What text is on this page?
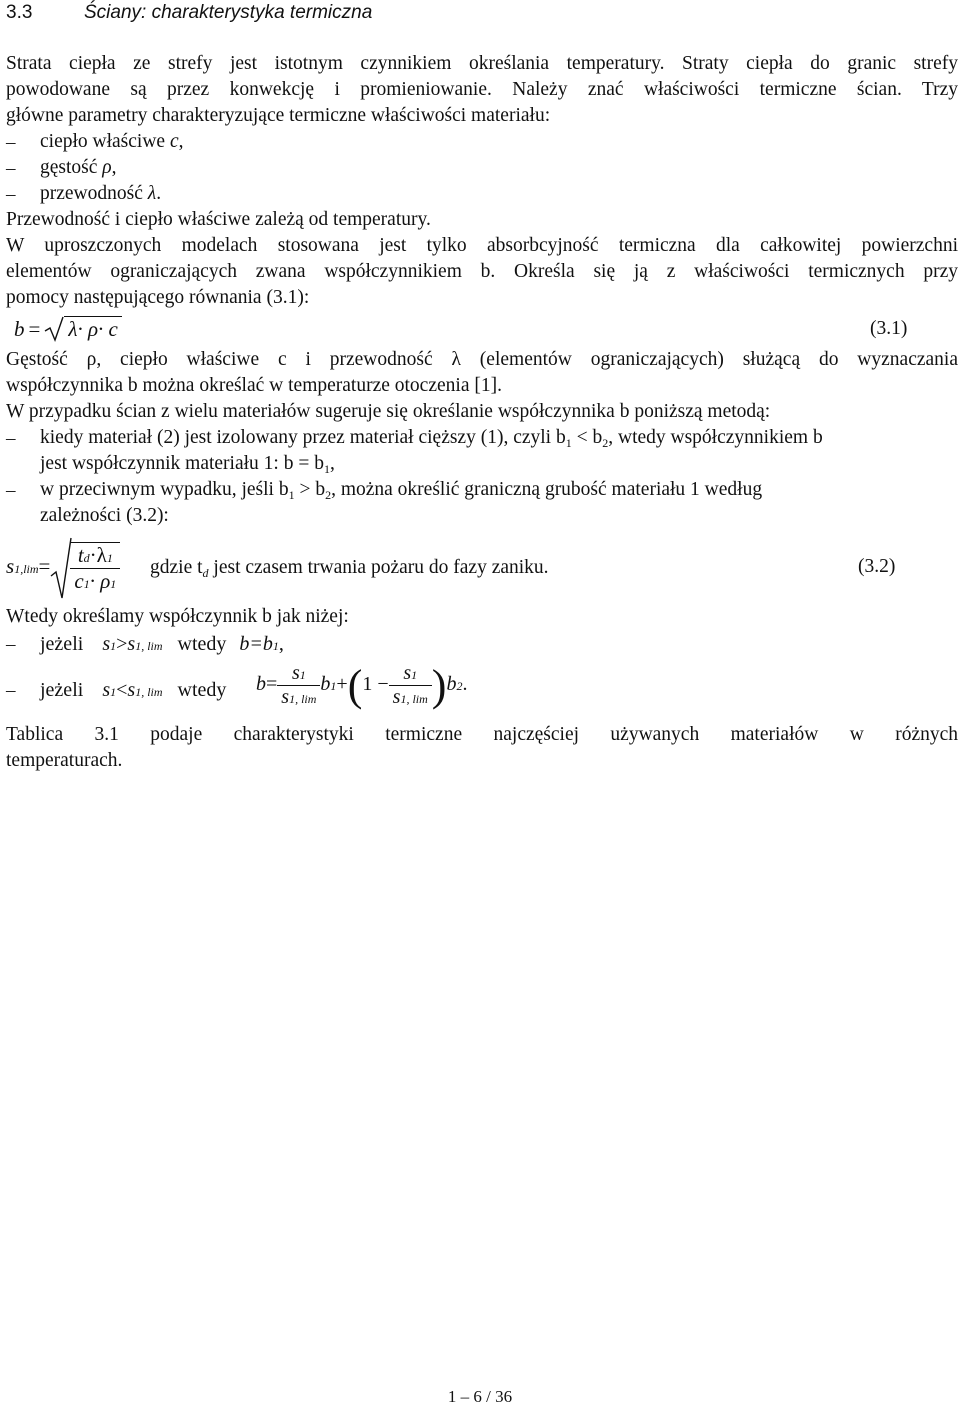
3.3	Ściany: charakterystyka termiczna
Strata ciepła ze strefy jest istotnym czynnikiem określania temperatury. Straty ciepła do granic strefy
powodowane są przez konwekcję i promieniowanie. Należy znać właściwości termiczne ścian. Trzy
główne parametry charakteryzujące termiczne właściwości materiału:
– ciepło właściwe c,
– gęstość ρ,
– przewodność λ.
Przewodność i ciepło właściwe zależą od temperatury.
W uproszczonych modelach stosowana jest tylko absorbcyjność termiczna dla całkowitej powierzchni
elementów ograniczających zwana współczynnikiem b. Określa się ją z właściwości termicznych przy
pomocy następującego równania (3.1):
b = λ· ρ· c	(3.1)
Gęstość ρ, ciepło właściwe c i przewodność λ (elementów ograniczających) służącą do wyznaczania
współczynnika b można określać w temperaturze otoczenia [1].
W przypadku ścian z wielu materiałów sugeruje się określanie współczynnika b poniższą metodą:
– kiedy materiał (2) jest izolowany przez materiał cięższy (1), czyli $b_1 < b_2$, wtedy współczynnikiem b
jest współczynnik materiału 1: $b = b_1$,
– w przeciwnym wypadku, jeśli $b_1 > b_2$, można określić graniczną grubość materiału 1 według
zależności (3.2):
$s1,\lim= \frac{td\cdot\lambda 1}{c1\cdot \rho 1}$ gdzie $t_d$ jest czasem trwania pożaru do fazy zaniku.	(3.2)
Wtedy określamy współczynnik b jak niżej:
– jeżeli s1>s1, lim wtedy b=b1,
– jeżeli s1<s1, lim wtedy $b= \frac{s1}{s1, \lim} b1+(1 - \frac{s1}{s1, \lim} )b2$.
Tablica 3.1 podaje charakterystyki termiczne najczęściej używanych materiałów w różnych
temperaturach.
1 – 6 / 36
